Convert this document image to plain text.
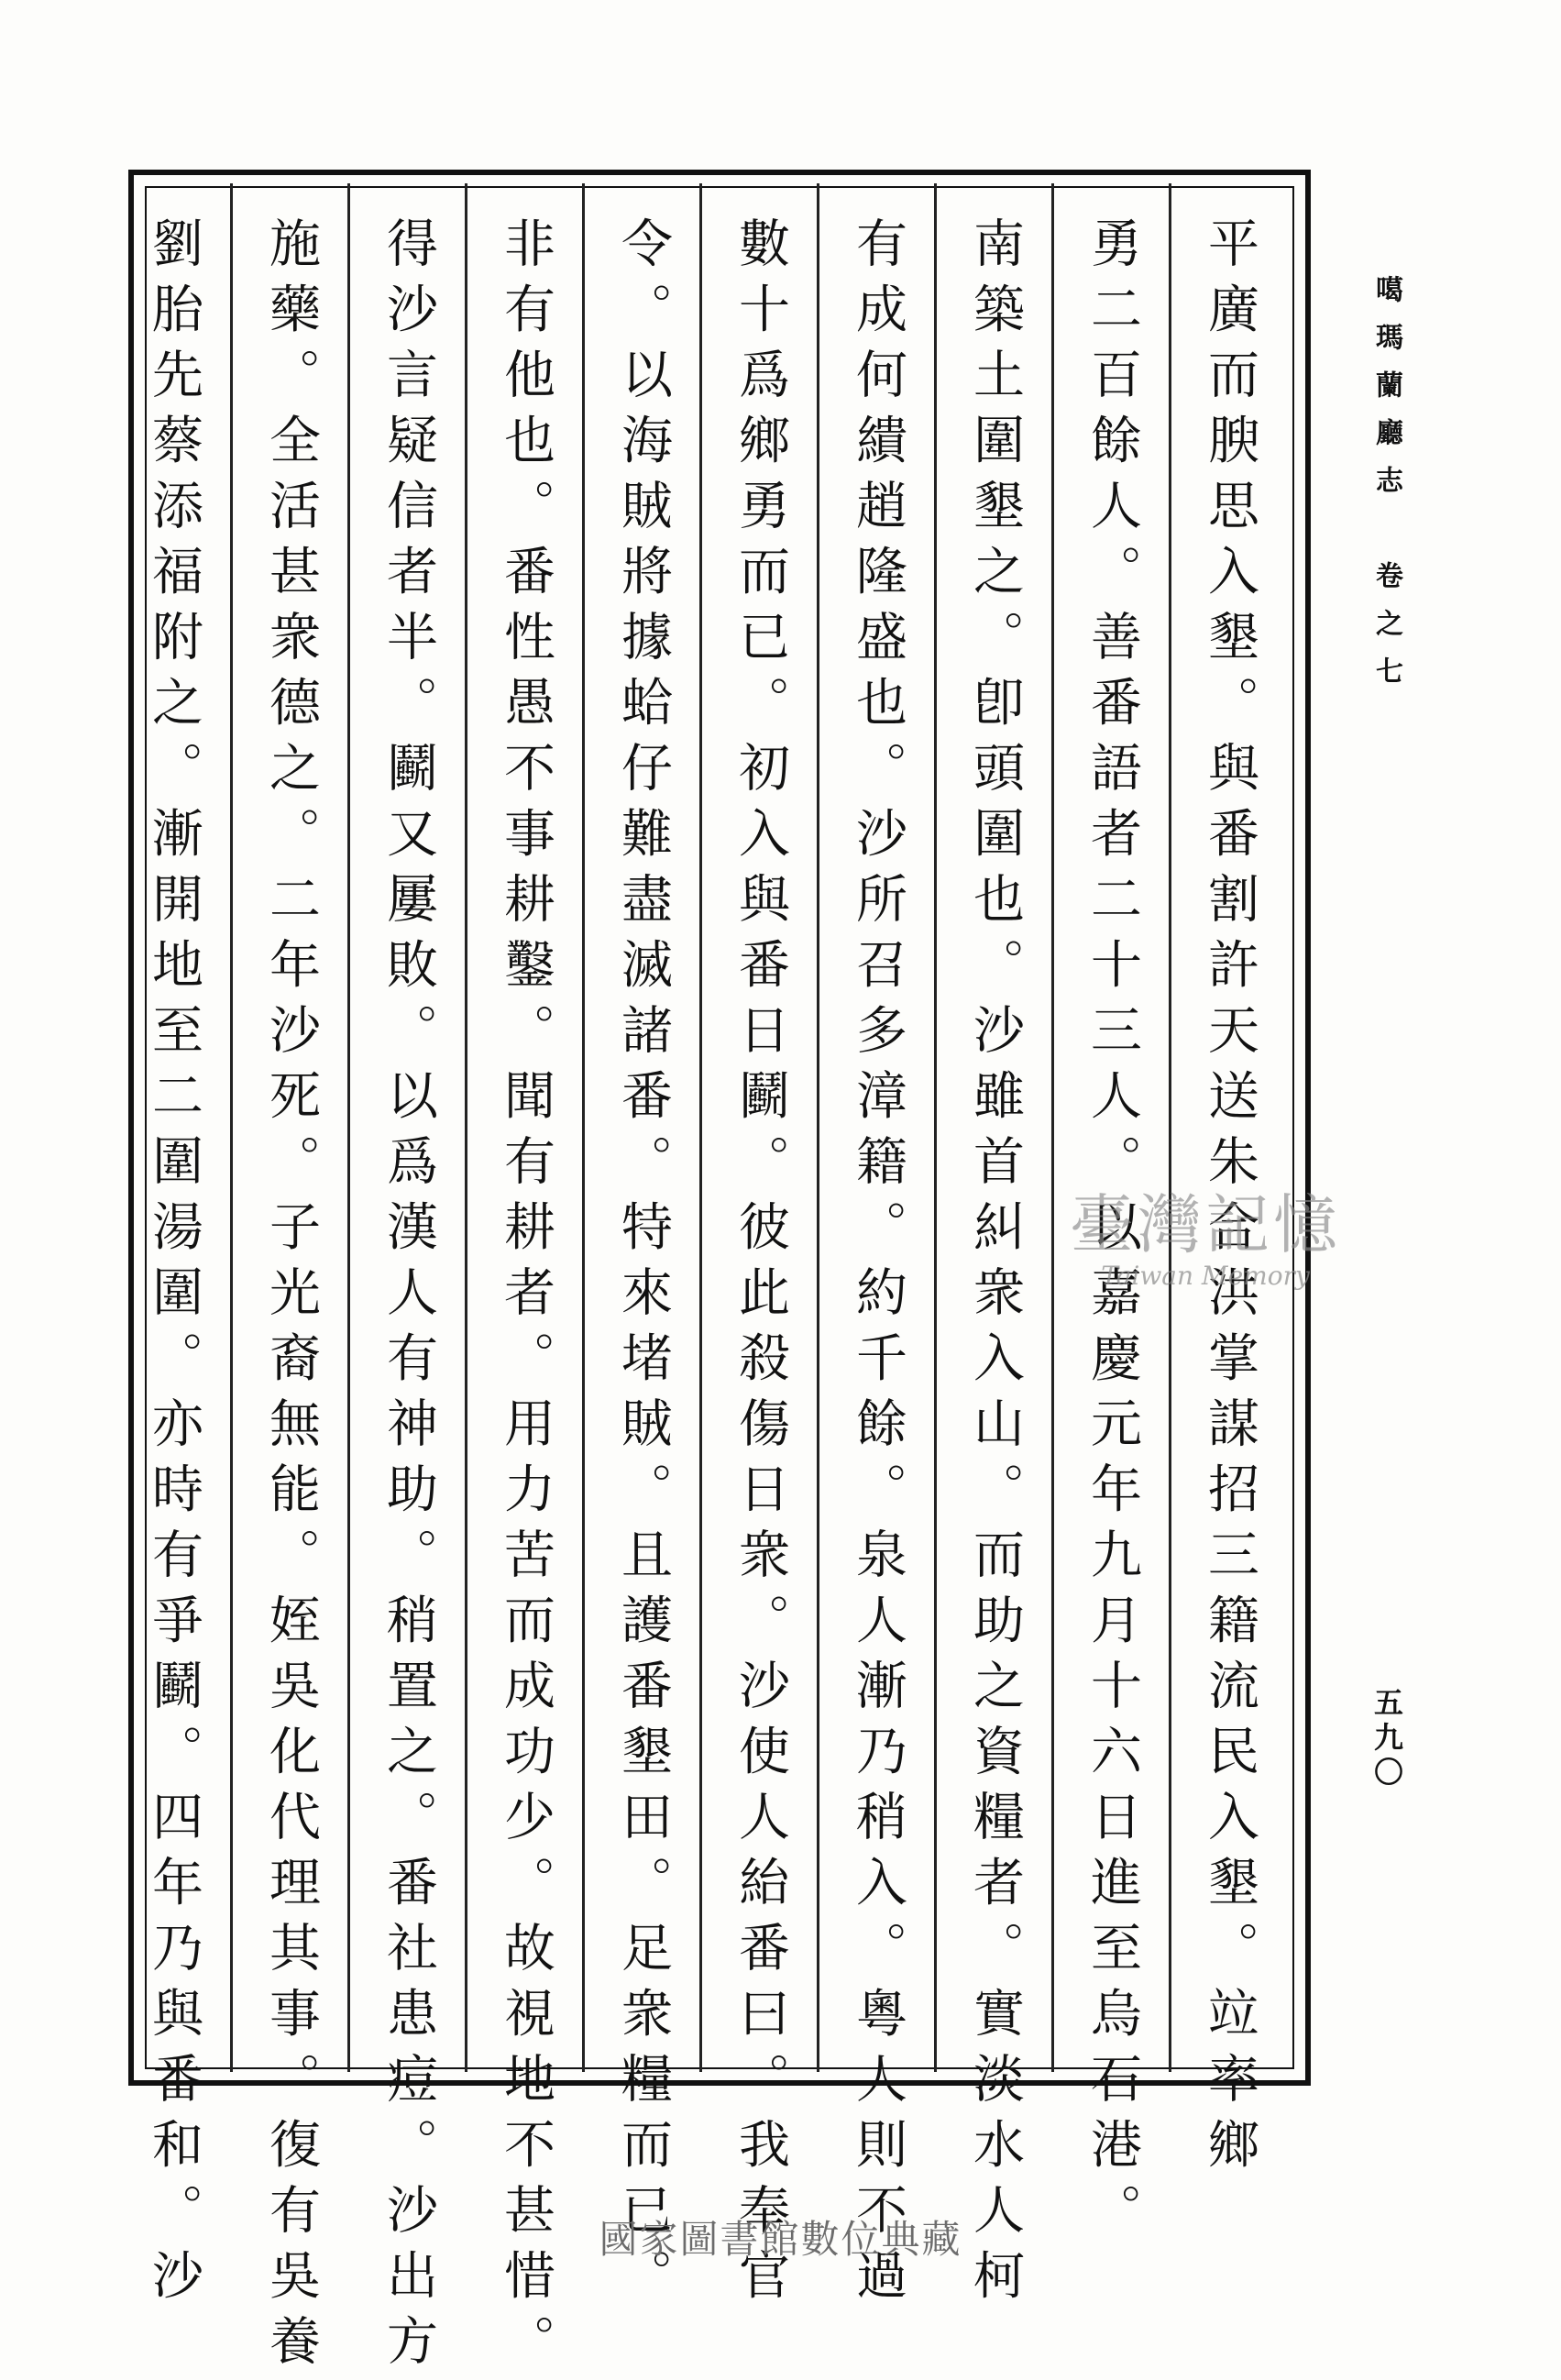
平廣而腴思入墾。與番割許天送朱合洪掌謀招三籍流民入墾。竝率鄉
勇二百餘人。善番語者二十三人。以嘉慶元年九月十六日進至烏石港。
南築土圍墾之。卽頭圍也。沙雖首糾衆入山。而助之資糧者。實淡水人柯
有成何繢趙隆盛也。沙所召多漳籍。約千餘。泉人漸乃稍入。粵人則不過
數十爲鄉勇而已。初入與番日鬬。彼此殺傷日衆。沙使人紿番曰。我奉官
令。以海賊將據蛤仔難盡滅諸番。特來堵賊。且護番墾田。足衆糧而已。
非有他也。番性愚不事耕鑿。聞有耕者。用力苦而成功少。故視地不甚惜。
得沙言疑信者半。鬬又屢敗。以爲漢人有神助。稍置之。番社患痘。沙出方
施藥。全活甚衆德之。二年沙死。子光裔無能。姪吳化代理其事。復有吳養
劉胎先蔡添福附之。漸開地至二圍湯圍。亦時有爭鬬。四年乃與番和。沙	噶瑪蘭廳志　卷之七
五九〇
臺灣記憶
Taiwan Memory
國家圖書館數位典藏
